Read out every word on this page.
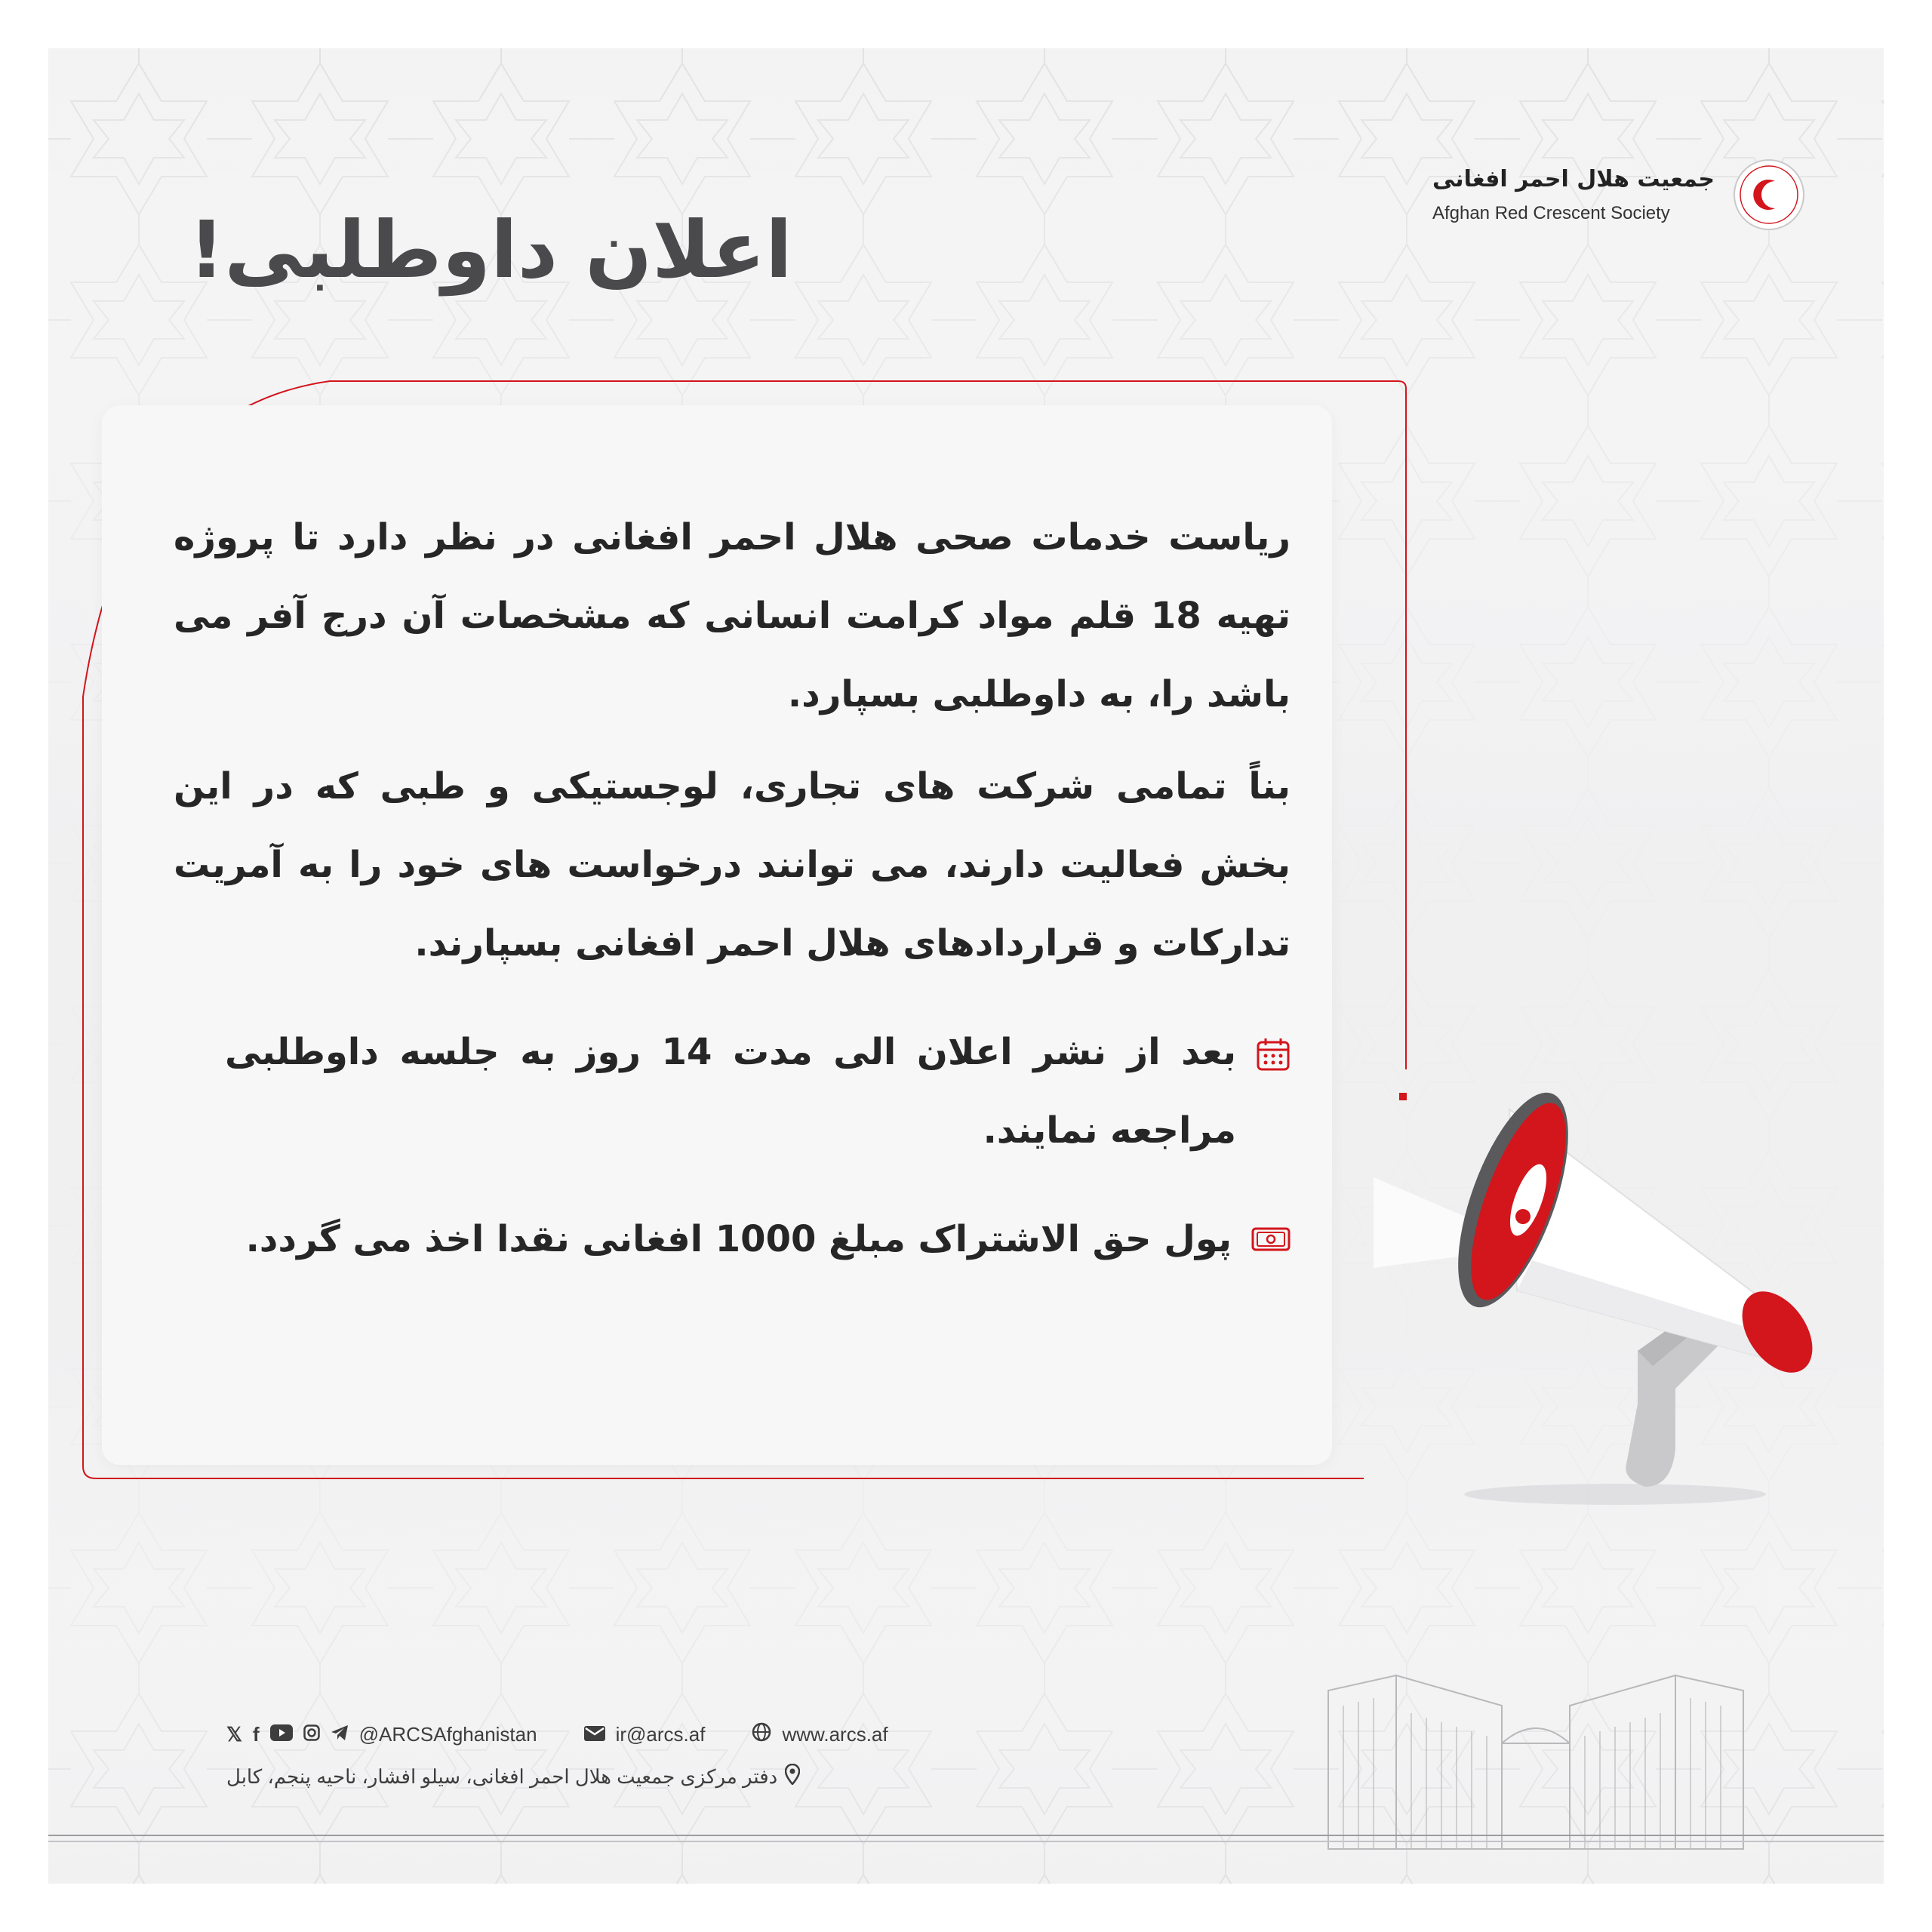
جمعیت هلال احمر افغانی
Afghan Red Crescent Society
اعلان داوطلبی!

ریاست خدمات صحی هلال احمر افغانی در نظر دارد تا پروژه تهیه 18 قلم مواد کرامت انسانی که مشخصات آن درج آفر می باشد را، به داوطلبی بسپارد.

بناً تمامی شرکت های تجاری، لوجستیکی و طبی که در این بخش فعالیت دارند، می توانند درخواست های خود را به آمریت تدارکات و قراردادهای هلال احمر افغانی بسپارند.

بعد از نشر اعلان الی مدت 14 روز به جلسه داوطلبی مراجعه نمایند.
پول حق الاشتراک مبلغ 1000 افغانی نقدا اخذ می گردد.
𝕏 f	@ARCSAfghanistan	ir@arcs.af	www.arcs.af
دفتر مرکزی جمعیت هلال احمر افغانی، سیلو افشار، ناحیه پنجم، کابل
